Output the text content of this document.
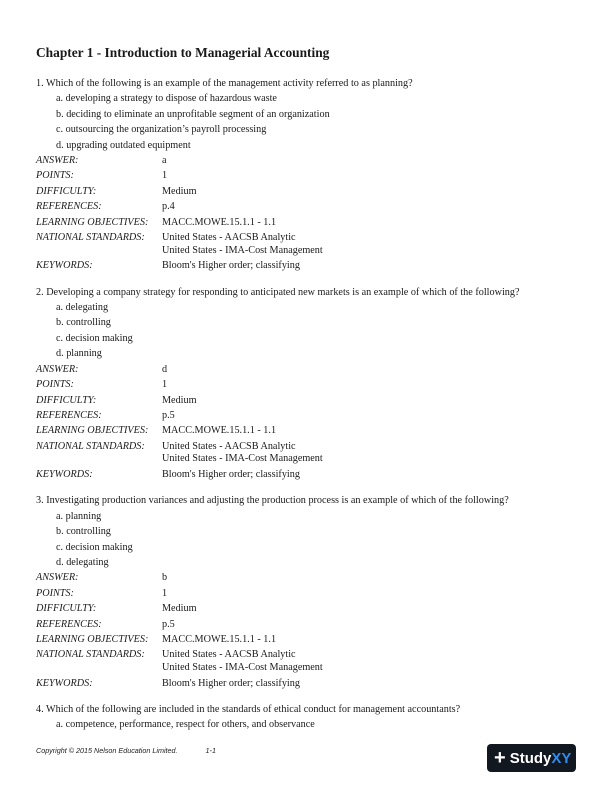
Chapter 1 - Introduction to Managerial Accounting
1. Which of the following is an example of the management activity referred to as planning?
a. developing a strategy to dispose of hazardous waste
b. deciding to eliminate an unprofitable segment of an organization
c. outsourcing the organization’s payroll processing
d. upgrading outdated equipment
ANSWER:	a
POINTS:	1
DIFFICULTY:	Medium
REFERENCES:	p.4
LEARNING OBJECTIVES:	MACC.MOWE.15.1.1 - 1.1
NATIONAL STANDARDS:	United States - AACSB Analytic
United States - IMA-Cost Management
KEYWORDS:	Bloom's Higher order; classifying
2. Developing a company strategy for responding to anticipated new markets is an example of which of the following?
a. delegating
b. controlling
c. decision making
d. planning
ANSWER:	d
POINTS:	1
DIFFICULTY:	Medium
REFERENCES:	p.5
LEARNING OBJECTIVES:	MACC.MOWE.15.1.1 - 1.1
NATIONAL STANDARDS:	United States - AACSB Analytic
United States - IMA-Cost Management
KEYWORDS:	Bloom's Higher order; classifying
3. Investigating production variances and adjusting the production process is an example of which of the following?
a. planning
b. controlling
c. decision making
d. delegating
ANSWER:	b
POINTS:	1
DIFFICULTY:	Medium
REFERENCES:	p.5
LEARNING OBJECTIVES:	MACC.MOWE.15.1.1 - 1.1
NATIONAL STANDARDS:	United States - AACSB Analytic
United States - IMA-Cost Management
KEYWORDS:	Bloom's Higher order; classifying
4. Which of the following are included in the standards of ethical conduct for management accountants?
a. competence, performance, respect for others, and observance
Copyright © 2015 Nelson Education Limited.	1-1	+ Study XY
